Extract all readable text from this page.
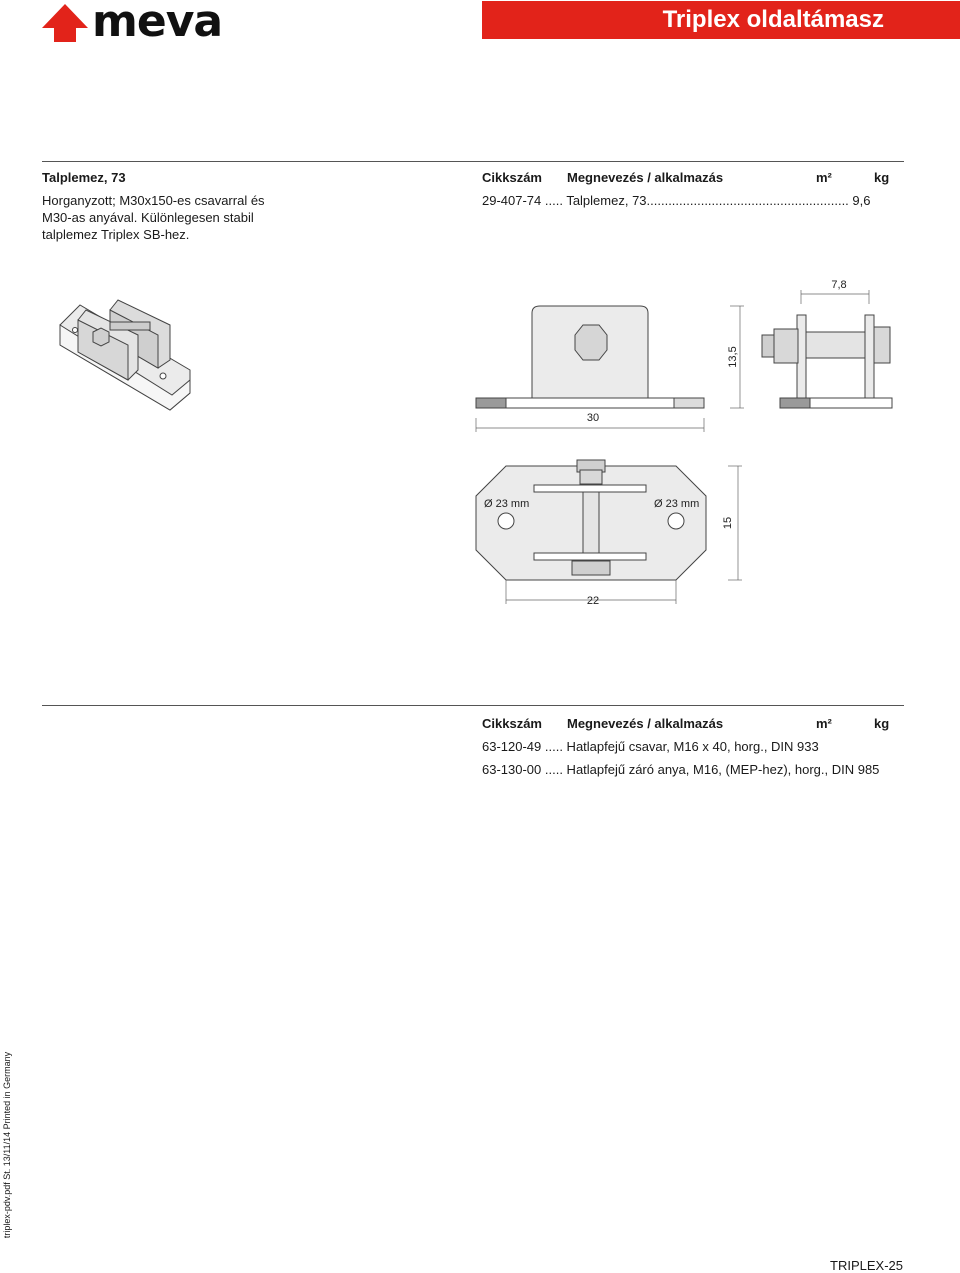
meva	Triplex oldaltámasz
Talplemez, 73
Horganyzott; M30x150-es csavarral és M30-as anyával. Különlegesen stabil talplemez Triplex SB-hez.
Cikkszám Megnevezés / alkalmazás	m²	kg
29-407-74 ..... Talplemez, 73........................................................ 9,6
30
13,5
7,8
Ø 23 mm	Ø 23 mm
15
22
Cikkszám Megnevezés / alkalmazás	m²	kg
63-120-49 ..... Hatlapfejű csavar, M16 x 40, horg., DIN 933
63-130-00 ..... Hatlapfejű záró anya, M16, (MEP-hez), horg., DIN 985
triplex-pdv.pdf St. 13/11/14 Printed in Germany
TRIPLEX-25
